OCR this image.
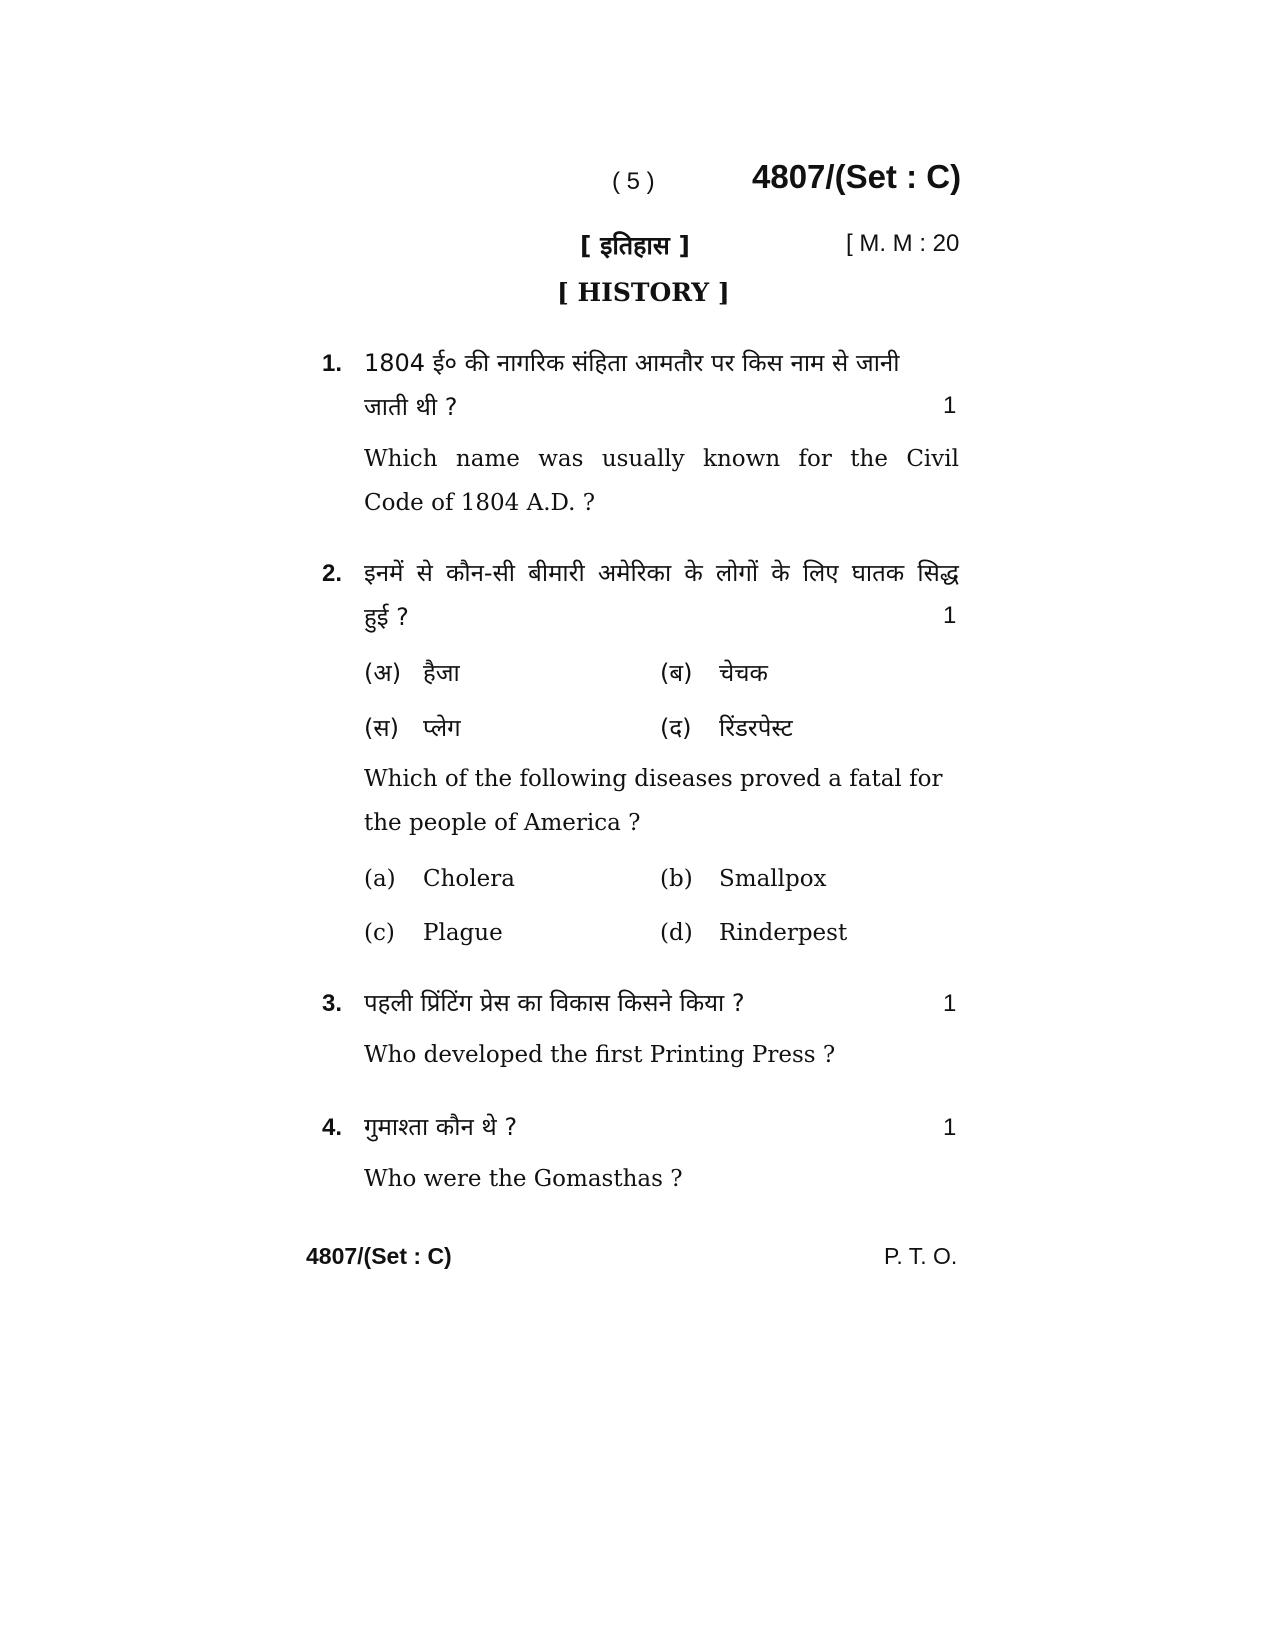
( 5 )	4807/(Set : C)
[ इतिहास ]	[ M. M : 20
[ HISTORY ]
1. 1804 ई० की नागरिक संहिता आमतौर पर किस नाम से जानी
जाती थी ?	1
Which name was usually known for the Civil
Code of 1804 A.D. ?
2. इनमें से कौन-सी बीमारी अमेरिका के लोगों के लिए घातक सिद्ध
हुई ?	1
(अ) हैजा	(ब) चेचक
(स) प्लेग	(द) रिंडरपेस्ट
Which of the following diseases proved a fatal for
the people of America ?
(a) Cholera	(b) Smallpox
(c) Plague	(d) Rinderpest
3. पहली प्रिंटिंग प्रेस का विकास किसने किया ?	1
Who developed the first Printing Press ?
4. गुमाश्ता कौन थे ?	1
Who were the Gomasthas ?
4807/(Set : C)	P. T. O.
